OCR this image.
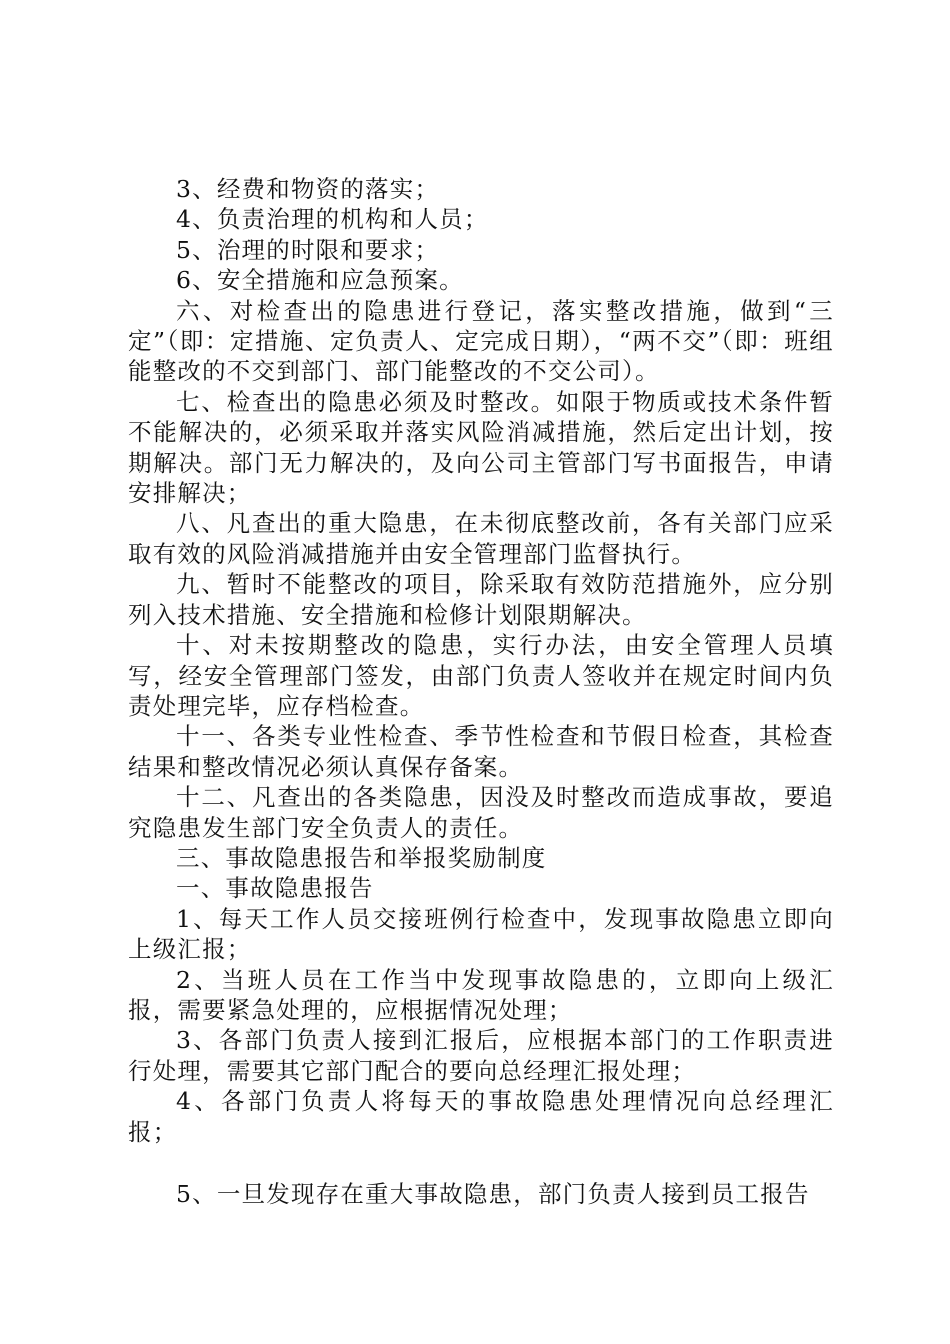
3、经费和物资的落实；

4、负责治理的机构和人员；

5、治理的时限和要求；

6、安全措施和应急预案。

六、对检查出的隐患进行登记，落实整改措施，做到“三定”（即：定措施、定负责人、定完成日期），“两不交”（即：班组能整改的不交到部门、部门能整改的不交公司）。

七、检查出的隐患必须及时整改。如限于物质或技术条件暂不能解决的，必须采取并落实风险消减措施，然后定出计划，按期解决。部门无力解决的，及向公司主管部门写书面报告，申请安排解决；

八、凡查出的重大隐患，在未彻底整改前，各有关部门应采取有效的风险消减措施并由安全管理部门监督执行。

九、暂时不能整改的项目，除采取有效防范措施外，应分别列入技术措施、安全措施和检修计划限期解决。

十、对未按期整改的隐患，实行办法，由安全管理人员填写，经安全管理部门签发，由部门负责人签收并在规定时间内负责处理完毕，应存档检查。

十一、各类专业性检查、季节性检查和节假日检查，其检查结果和整改情况必须认真保存备案。

十二、凡查出的各类隐患，因没及时整改而造成事故，要追究隐患发生部门安全负责人的责任。

三、事故隐患报告和举报奖励制度

一、事故隐患报告

1、每天工作人员交接班例行检查中，发现事故隐患立即向上级汇报；

2、当班人员在工作当中发现事故隐患的，立即向上级汇报，需要紧急处理的，应根据情况处理；

3、各部门负责人接到汇报后，应根据本部门的工作职责进行处理，需要其它部门配合的要向总经理汇报处理；

4、各部门负责人将每天的事故隐患处理情况向总经理汇报；

5、一旦发现存在重大事故隐患，部门负责人接到员工报告
